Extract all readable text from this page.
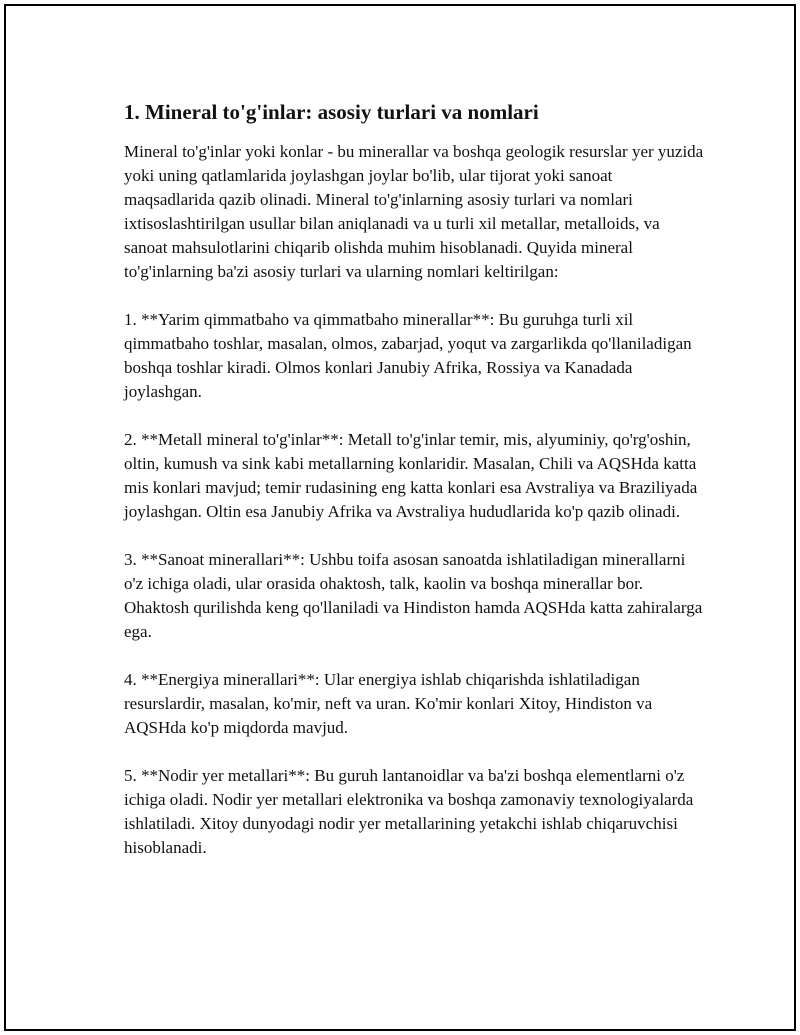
1. Mineral to'g'inlar: asosiy turlari va nomlari

Mineral to'g'inlar yoki konlar - bu minerallar va boshqa geologik resurslar yer yuzida yoki uning qatlamlarida joylashgan joylar bo'lib, ular tijorat yoki sanoat maqsadlarida qazib olinadi. Mineral to'g'inlarning asosiy turlari va nomlari ixtisoslashtirilgan usullar bilan aniqlanadi va u turli xil metallar, metalloids, va sanoat mahsulotlarini chiqarib olishda muhim hisoblanadi. Quyida mineral to'g'inlarning ba'zi asosiy turlari va ularning nomlari keltirilgan:

1. **Yarim qimmatbaho va qimmatbaho minerallar**: Bu guruhga turli xil qimmatbaho toshlar, masalan, olmos, zabarjad, yoqut va zargarlikda qo'llaniladigan boshqa toshlar kiradi. Olmos konlari Janubiy Afrika, Rossiya va Kanadada joylashgan.

2. **Metall mineral to'g'inlar**: Metall to'g'inlar temir, mis, alyuminiy, qo'rg'oshin, oltin, kumush va sink kabi metallarning konlaridir. Masalan, Chili va AQSHda katta mis konlari mavjud; temir rudasining eng katta konlari esa Avstraliya va Braziliyada joylashgan. Oltin esa Janubiy Afrika va Avstraliya hududlarida ko'p qazib olinadi.

3. **Sanoat minerallari**: Ushbu toifa asosan sanoatda ishlatiladigan minerallarni o'z ichiga oladi, ular orasida ohaktosh, talk, kaolin va boshqa minerallar bor. Ohaktosh qurilishda keng qo'llaniladi va Hindiston hamda AQSHda katta zahiralarga ega.

4. **Energiya minerallari**: Ular energiya ishlab chiqarishda ishlatiladigan resurslardir, masalan, ko'mir, neft va uran. Ko'mir konlari Xitoy, Hindiston va AQSHda ko'p miqdorda mavjud.

5. **Nodir yer metallari**: Bu guruh lantanoidlar va ba'zi boshqa elementlarni o'z ichiga oladi. Nodir yer metallari elektronika va boshqa zamonaviy texnologiyalarda ishlatiladi. Xitoy dunyodagi nodir yer metallarining yetakchi ishlab chiqaruvchisi hisoblanadi.
